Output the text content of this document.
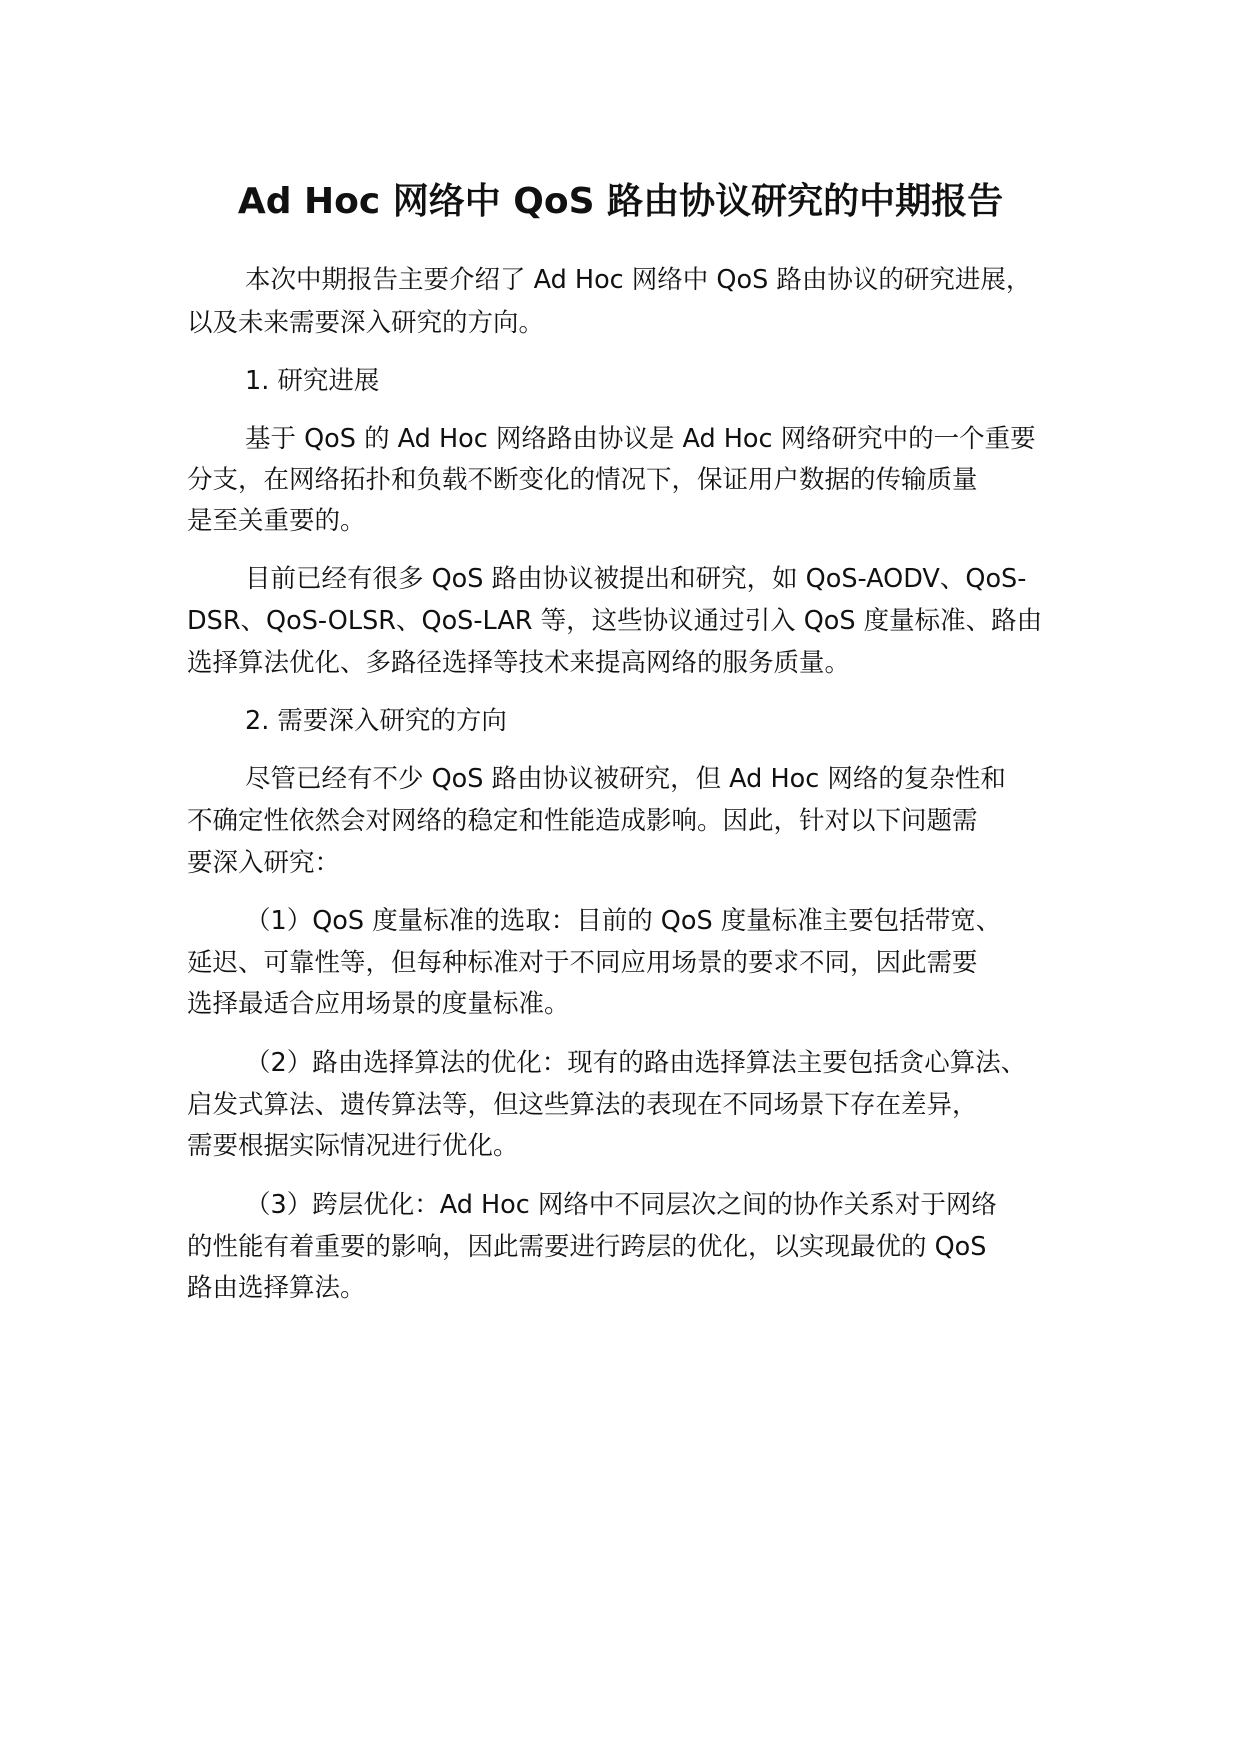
Ad Hoc 网络中 QoS 路由协议研究的中期报告
本次中期报告主要介绍了 Ad Hoc 网络中 QoS 路由协议的研究进展，
以及未来需要深入研究的方向。
1. 研究进展
基于 QoS 的 Ad Hoc 网络路由协议是 Ad Hoc 网络研究中的一个重要
分支，在网络拓扑和负载不断变化的情况下，保证用户数据的传输质量
是至关重要的。
目前已经有很多 QoS 路由协议被提出和研究，如 QoS-AODV、QoS-
DSR、QoS-OLSR、QoS-LAR 等，这些协议通过引入 QoS 度量标准、路由
选择算法优化、多路径选择等技术来提高网络的服务质量。
2. 需要深入研究的方向
尽管已经有不少 QoS 路由协议被研究，但 Ad Hoc 网络的复杂性和
不确定性依然会对网络的稳定和性能造成影响。因此，针对以下问题需
要深入研究：
（1）QoS 度量标准的选取：目前的 QoS 度量标准主要包括带宽、
延迟、可靠性等，但每种标准对于不同应用场景的要求不同，因此需要
选择最适合应用场景的度量标准。
（2）路由选择算法的优化：现有的路由选择算法主要包括贪心算法、
启发式算法、遗传算法等，但这些算法的表现在不同场景下存在差异，
需要根据实际情况进行优化。
（3）跨层优化：Ad Hoc 网络中不同层次之间的协作关系对于网络
的性能有着重要的影响，因此需要进行跨层的优化，以实现最优的 QoS
路由选择算法。
